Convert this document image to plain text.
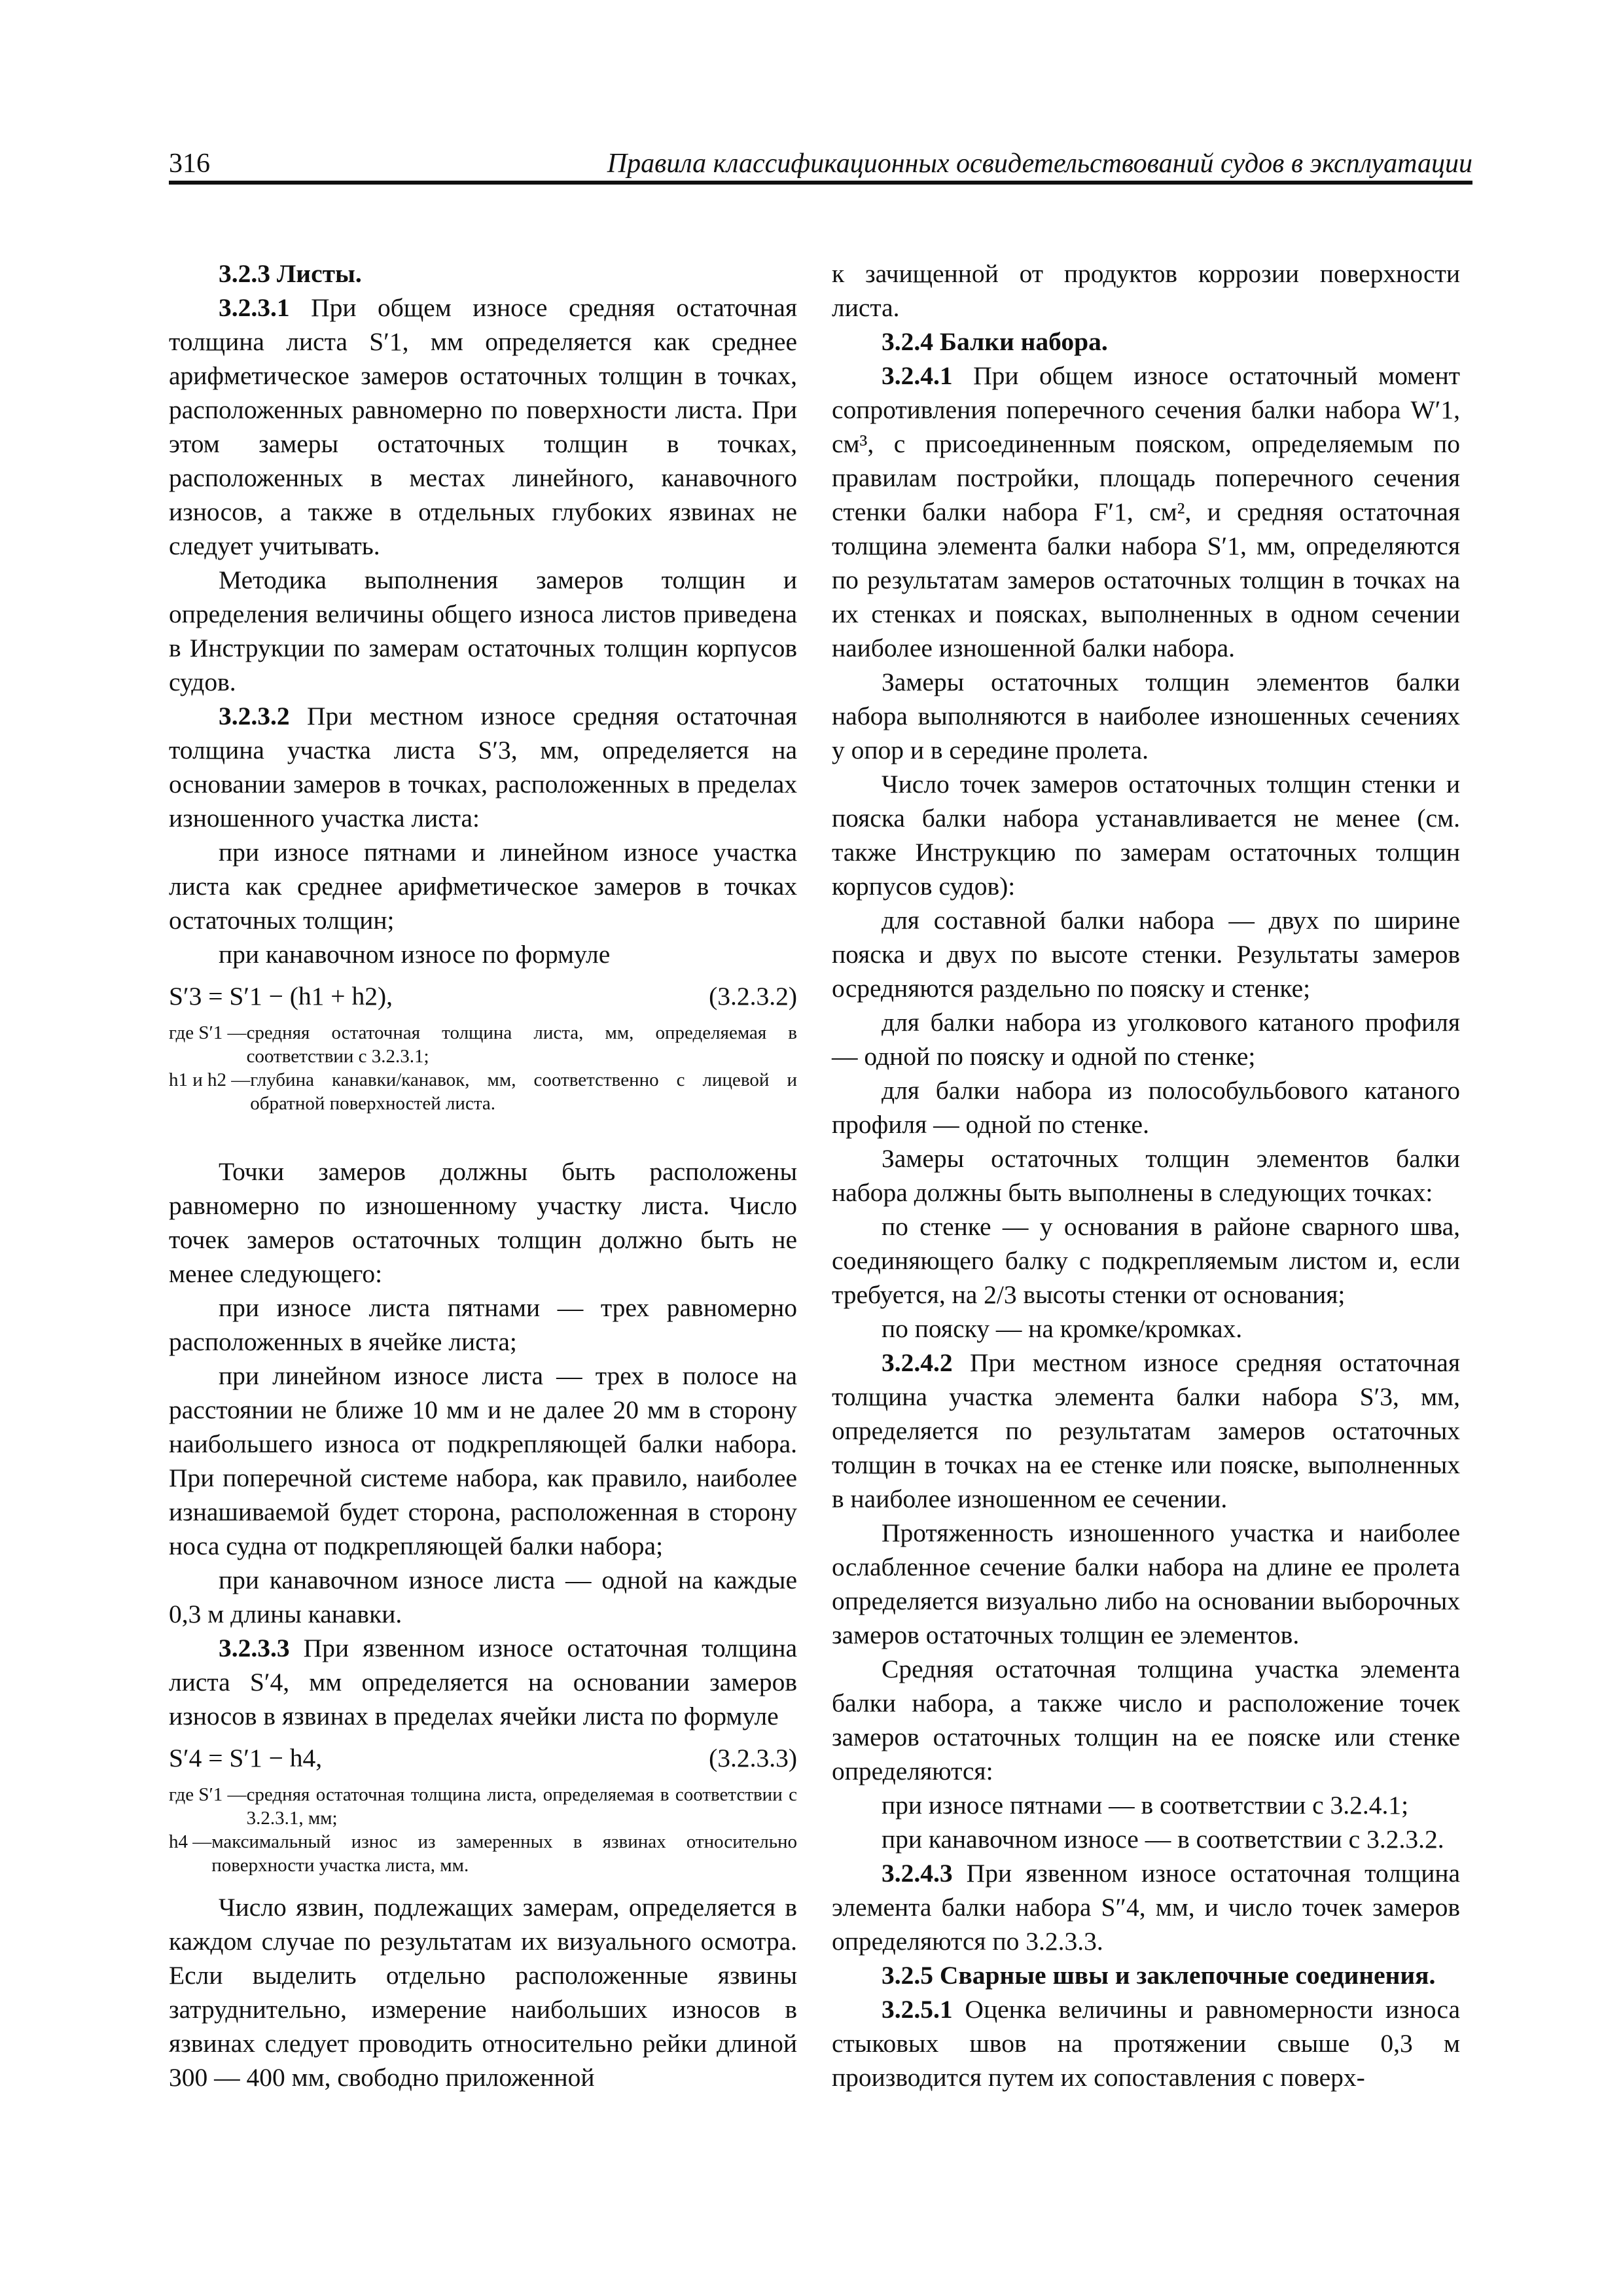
316	Правила классификационных освидетельствований судов в эксплуатации

3.2.3 Листы.

3.2.3.1 При общем износе средняя остаточная толщина листа S′1, мм определяется как среднее арифметическое замеров остаточных толщин в точках, расположенных равномерно по поверхности листа. При этом замеры остаточных толщин в точках, расположенных в местах линейного, канавочного износов, а также в отдельных глубоких язвинах не следует учитывать.

Методика выполнения замеров толщин и определения величины общего износа листов приведена в Инструкции по замерам остаточных толщин корпусов судов.

3.2.3.2 При местном износе средняя остаточная толщина участка листа S′3, мм, определяется на основании замеров в точках, расположенных в пределах изношенного участка листа:

при износе пятнами и линейном износе участка листа как среднее арифметическое замеров в точках остаточных толщин;

при канавочном износе по формуле

S′3 = S′1 − (h1 + h2),	(3.2.3.2)
где S′1 — средняя остаточная толщина листа, мм, определяемая в соответствии с 3.2.3.1;
h1 и h2 — глубина канавки/канавок, мм, соответственно с лицевой и обратной поверхностей листа.

Точки замеров должны быть расположены равномерно по изношенному участку листа. Число точек замеров остаточных толщин должно быть не менее следующего:

при износе листа пятнами — трех равномерно расположенных в ячейке листа;

при линейном износе листа — трех в полосе на расстоянии не ближе 10 мм и не далее 20 мм в сторону наибольшего износа от подкрепляющей балки набора. При поперечной системе набора, как правило, наиболее изнашиваемой будет сторона, расположенная в сторону носа судна от подкрепляющей балки набора;

при канавочном износе листа — одной на каждые 0,3 м длины канавки.

3.2.3.3 При язвенном износе остаточная толщина листа S′4, мм определяется на основании замеров износов в язвинах в пределах ячейки листа по формуле

S′4 = S′1 − h4,	(3.2.3.3)
где S′1 — средняя остаточная толщина листа, определяемая в соответствии с 3.2.3.1, мм;
h4 — максимальный износ из замеренных в язвинах относительно поверхности участка листа, мм.

Число язвин, подлежащих замерам, определяется в каждом случае по результатам их визуального осмотра. Если выделить отдельно расположенные язвины затруднительно, измерение наибольших износов в язвинах следует проводить относительно рейки длиной 300 — 400 мм, свободно приложенной

к зачищенной от продуктов коррозии поверхности листа.

3.2.4 Балки набора.

3.2.4.1 При общем износе остаточный момент сопротивления поперечного сечения балки набора W′1, см³, с присоединенным пояском, определяемым по правилам постройки, площадь поперечного сечения стенки балки набора F′1, см², и средняя остаточная толщина элемента балки набора S′1, мм, определяются по результатам замеров остаточных толщин в точках на их стенках и поясках, выполненных в одном сечении наиболее изношенной балки набора.

Замеры остаточных толщин элементов балки набора выполняются в наиболее изношенных сечениях у опор и в середине пролета.

Число точек замеров остаточных толщин стенки и пояска балки набора устанавливается не менее (см. также Инструкцию по замерам остаточных толщин корпусов судов):

для составной балки набора — двух по ширине пояска и двух по высоте стенки. Результаты замеров осредняются раздельно по пояску и стенке;

для балки набора из уголкового катаного профиля — одной по пояску и одной по стенке;

для балки набора из полособульбового катаного профиля — одной по стенке.

Замеры остаточных толщин элементов балки набора должны быть выполнены в следующих точках:

по стенке — у основания в районе сварного шва, соединяющего балку с подкрепляемым листом и, если требуется, на 2/3 высоты стенки от основания;

по пояску — на кромке/кромках.

3.2.4.2 При местном износе средняя остаточная толщина участка элемента балки набора S′3, мм, определяется по результатам замеров остаточных толщин в точках на ее стенке или пояске, выполненных в наиболее изношенном ее сечении.

Протяженность изношенного участка и наиболее ослабленное сечение балки набора на длине ее пролета определяется визуально либо на основании выборочных замеров остаточных толщин ее элементов.

Средняя остаточная толщина участка элемента балки набора, а также число и расположение точек замеров остаточных толщин на ее пояске или стенке определяются:

при износе пятнами — в соответствии с 3.2.4.1;

при канавочном износе — в соответствии с 3.2.3.2.

3.2.4.3 При язвенном износе остаточная толщина элемента балки набора S″4, мм, и число точек замеров определяются по 3.2.3.3.

3.2.5 Сварные швы и заклепочные соединения.

3.2.5.1 Оценка величины и равномерности износа стыковых швов на протяжении свыше 0,3 м производится путем их сопоставления с поверх-
